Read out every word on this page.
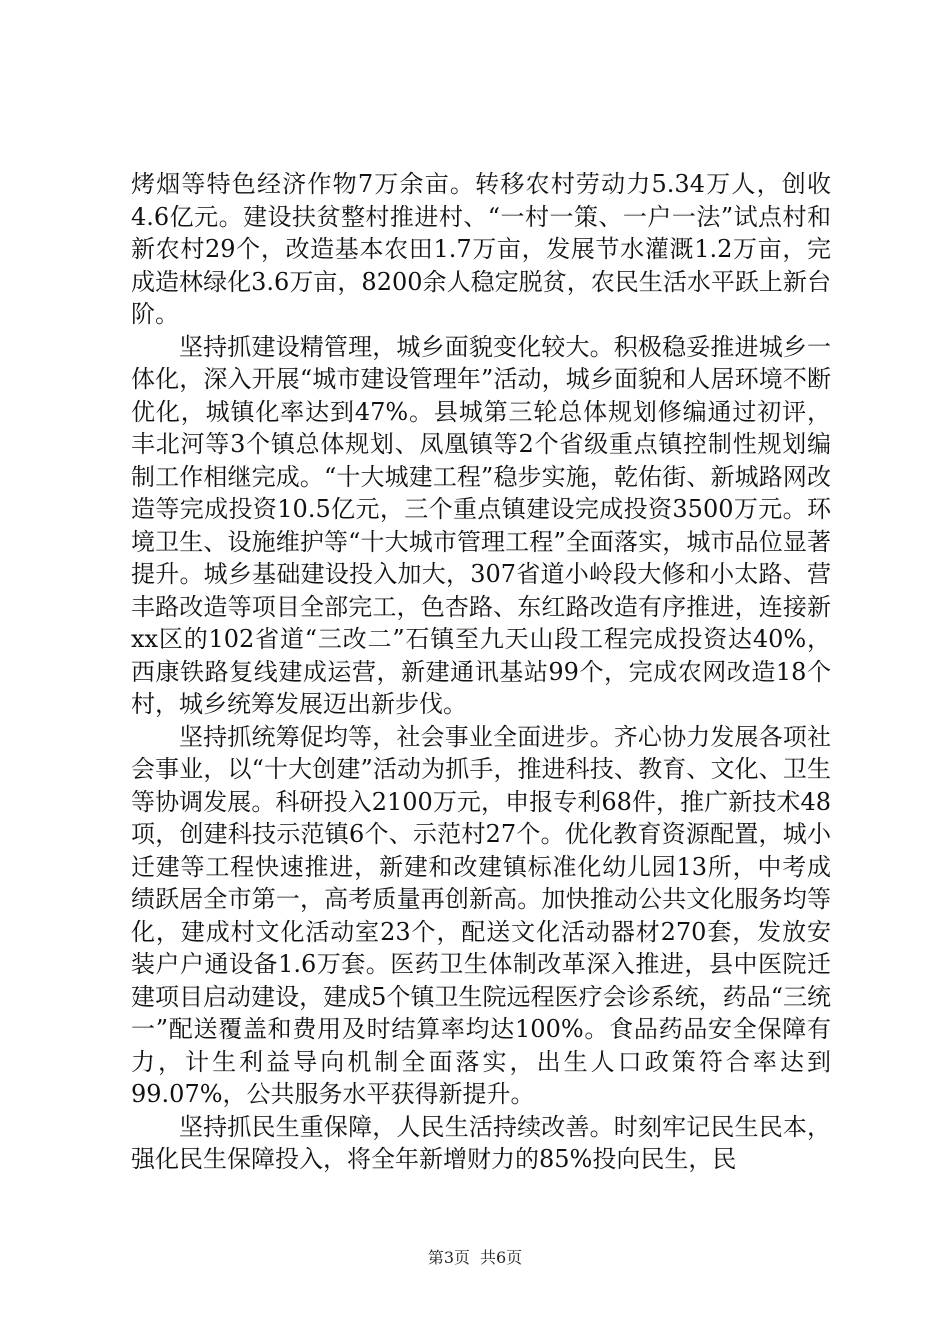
烤烟等特色经济作物7万余亩。转移农村劳动力5.34万人，创收4.6亿元。建设扶贫整村推进村、“一村一策、一户一法”试点村和新农村29个，改造基本农田1.7万亩，发展节水灌溉1.2万亩，完成造林绿化3.6万亩，8200余人稳定脱贫，农民生活水平跃上新台阶。

坚持抓建设精管理，城乡面貌变化较大。积极稳妥推进城乡一体化，深入开展“城市建设管理年”活动，城乡面貌和人居环境不断优化，城镇化率达到47%。县城第三轮总体规划修编通过初评，丰北河等3个镇总体规划、凤凰镇等2个省级重点镇控制性规划编制工作相继完成。“十大城建工程”稳步实施，乾佑街、新城路网改造等完成投资10.5亿元，三个重点镇建设完成投资3500万元。环境卫生、设施维护等“十大城市管理工程”全面落实，城市品位显著提升。城乡基础建设投入加大，307省道小岭段大修和小太路、营丰路改造等项目全部完工，色杏路、东红路改造有序推进，连接新xx区的102省道“三改二”石镇至九天山段工程完成投资达40%，西康铁路复线建成运营，新建通讯基站99个，完成农网改造18个村，城乡统筹发展迈出新步伐。

坚持抓统筹促均等，社会事业全面进步。齐心协力发展各项社会事业，以“十大创建”活动为抓手，推进科技、教育、文化、卫生等协调发展。科研投入2100万元，申报专利68件，推广新技术48项，创建科技示范镇6个、示范村27个。优化教育资源配置，城小迁建等工程快速推进，新建和改建镇标准化幼儿园13所，中考成绩跃居全市第一，高考质量再创新高。加快推动公共文化服务均等化，建成村文化活动室23个，配送文化活动器材270套，发放安装户户通设备1.6万套。医药卫生体制改革深入推进，县中医院迁建项目启动建设，建成5个镇卫生院远程医疗会诊系统，药品“三统一”配送覆盖和费用及时结算率均达100%。食品药品安全保障有力，计生利益导向机制全面落实，出生人口政策符合率达到99.07%，公共服务水平获得新提升。

坚持抓民生重保障，人民生活持续改善。时刻牢记民生民本，强化民生保障投入，将全年新增财力的85%投向民生，民

第3页 共6页
